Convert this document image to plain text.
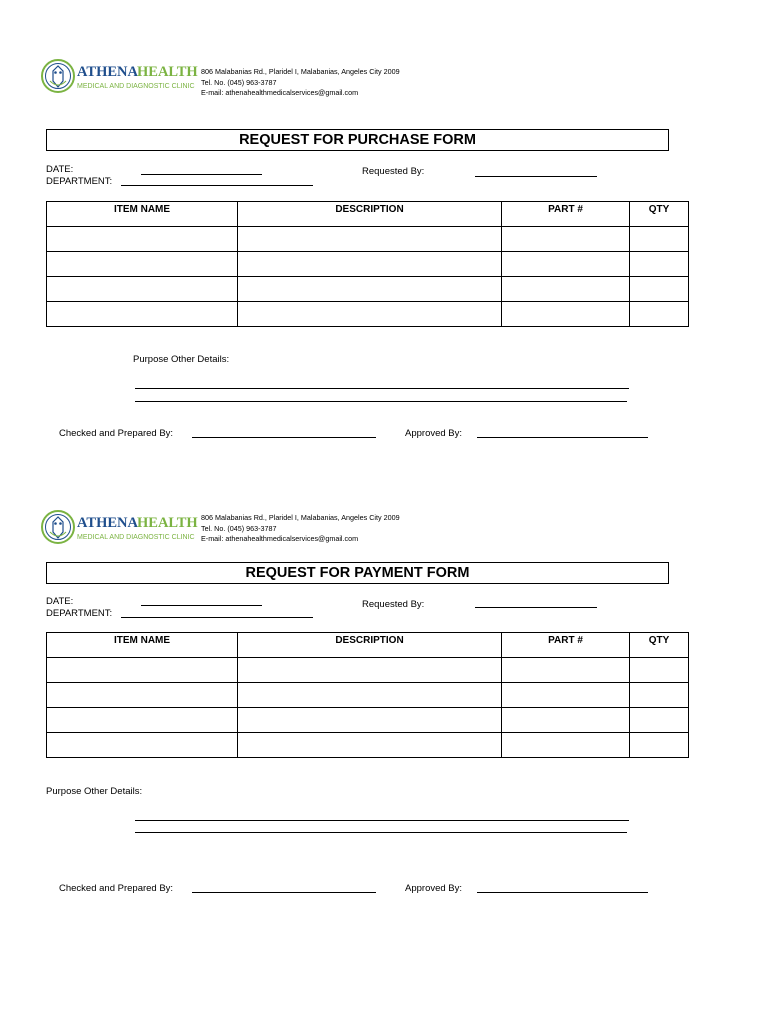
ATHENA HEALTH
MEDICAL AND DIAGNOSTIC CLINIC
806 Malabanias Rd., Plaridel I, Malabanias, Angeles City 2009
Tel. No. (045) 963-3787
E-mail: athenahealthmedicalservices@gmail.com
REQUEST FOR PURCHASE FORM
DATE:
DEPARTMENT:
Requested By:
ITEM NAME	DESCRIPTION	PART #	QTY

Purpose Other Details:
Checked and Prepared By:	Approved By:
ATHENA HEALTH
MEDICAL AND DIAGNOSTIC CLINIC
806 Malabanias Rd., Plaridel I, Malabanias, Angeles City 2009
Tel. No. (045) 963-3787
E-mail: athenahealthmedicalservices@gmail.com
REQUEST FOR PAYMENT FORM
DATE:
DEPARTMENT:
Requested By:
ITEM NAME	DESCRIPTION	PART #	QTY

Purpose Other Details:
Checked and Prepared By:	Approved By:
